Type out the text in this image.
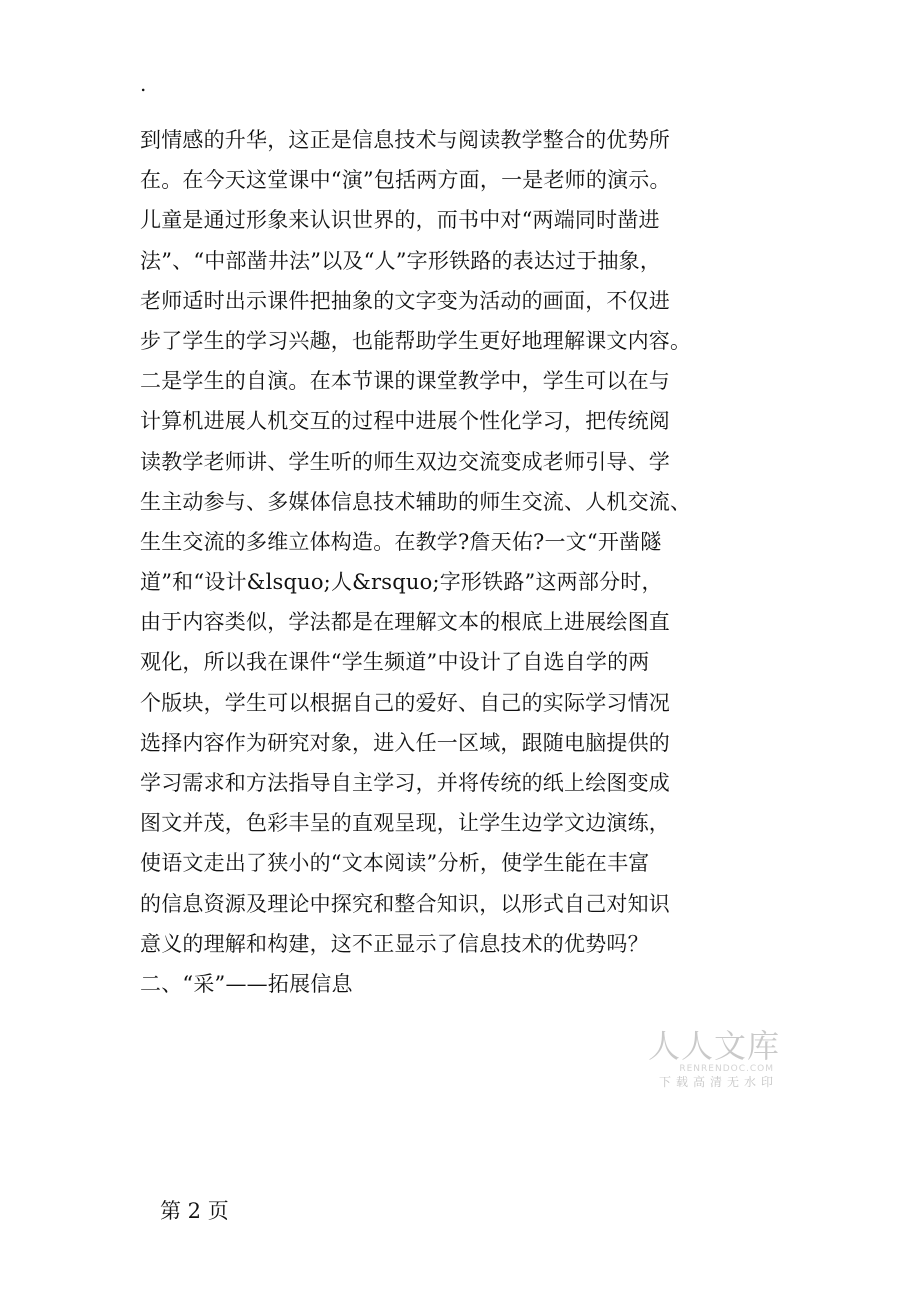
.
到情感的升华，这正是信息技术与阅读教学整合的优势所
在。在今天这堂课中“演”包括两方面，一是老师的演示。
儿童是通过形象来认识世界的，而书中对“两端同时凿进
法”、“中部凿井法”以及“人”字形铁路的表达过于抽象，
老师适时出示课件把抽象的文字变为活动的画面，不仅进
步了学生的学习兴趣，也能帮助学生更好地理解课文内容。
二是学生的自演。在本节课的课堂教学中，学生可以在与
计算机进展人机交互的过程中进展个性化学习，把传统阅
读教学老师讲、学生听的师生双边交流变成老师引导、学
生主动参与、多媒体信息技术辅助的师生交流、人机交流、
生生交流的多维立体构造。在教学?詹天佑?一文“开凿隧
道”和“设计&lsquo;人&rsquo;字形铁路”这两部分时，
由于内容类似，学法都是在理解文本的根底上进展绘图直
观化，所以我在课件“学生频道”中设计了自选自学的两
个版块，学生可以根据自己的爱好、自己的实际学习情况
选择内容作为研究对象，进入任一区域，跟随电脑提供的
学习需求和方法指导自主学习，并将传统的纸上绘图变成
图文并茂，色彩丰呈的直观呈现，让学生边学文边演练，
使语文走出了狭小的“文本阅读”分析，使学生能在丰富
的信息资源及理论中探究和整合知识，以形式自己对知识
意义的理解和构建，这不正显示了信息技术的优势吗？
二、“采”——拓展信息
人人文库
RENRENDOC.COM
下载高清无水印
第 2 页
